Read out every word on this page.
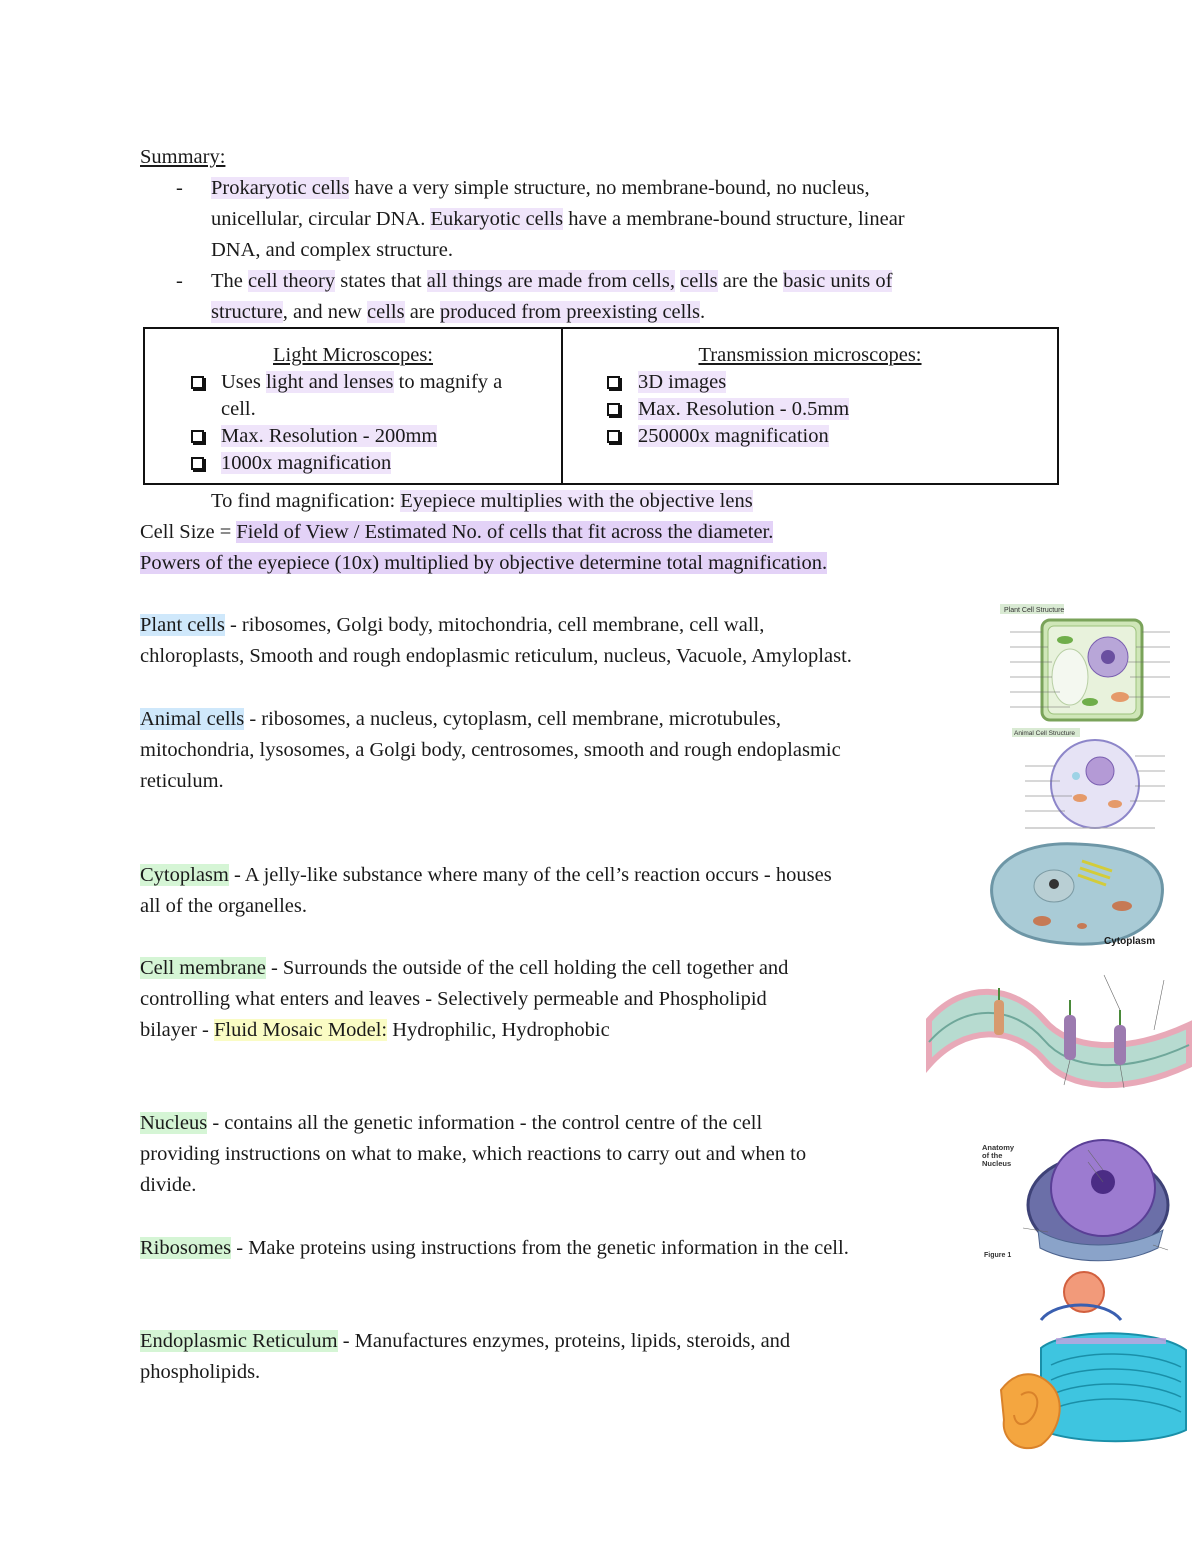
Summary:
- Prokaryotic cells have a very simple structure, no membrane-bound, no nucleus,
unicellular, circular DNA. Eukaryotic cells have a membrane-bound structure, linear
DNA, and complex structure.
- The cell theory states that all things are made from cells, cells are the basic units of
structure, and new cells are produced from preexisting cells.
Light Microscopes:
Uses light and lenses to magnify a
cell.
Max. Resolution - 200mm
1000x magnification
Transmission microscopes:
3D images
Max. Resolution - 0.5mm
250000x magnification
To find magnification: Eyepiece multiplies with the objective lens
Cell Size = Field of View / Estimated No. of cells that fit across the diameter.
Powers of the eyepiece (10x) multiplied by objective determine total magnification.
Plant cells - ribosomes, Golgi body, mitochondria, cell membrane, cell wall,
chloroplasts, Smooth and rough endoplasmic reticulum, nucleus, Vacuole, Amyloplast.
Animal cells - ribosomes, a nucleus, cytoplasm, cell membrane, microtubules,
mitochondria, lysosomes, a Golgi body, centrosomes, smooth and rough endoplasmic
reticulum.
Cytoplasm - A jelly-like substance where many of the cell’s reaction occurs - houses
all of the organelles.
Cell membrane - Surrounds the outside of the cell holding the cell together and
controlling what enters and leaves - Selectively permeable and Phospholipid
bilayer - Fluid Mosaic Model: Hydrophilic, Hydrophobic
Nucleus - contains all the genetic information - the control centre of the cell
providing instructions on what to make, which reactions to carry out and when to
divide.
Ribosomes - Make proteins using instructions from the genetic information in the cell.
Endoplasmic Reticulum - Manufactures enzymes, proteins, lipids, steroids, and
phospholipids.
Plant Cell Structure
Animal Cell Structure
Cytoplasm
Anatomy
of the
Nucleus
Figure 1
